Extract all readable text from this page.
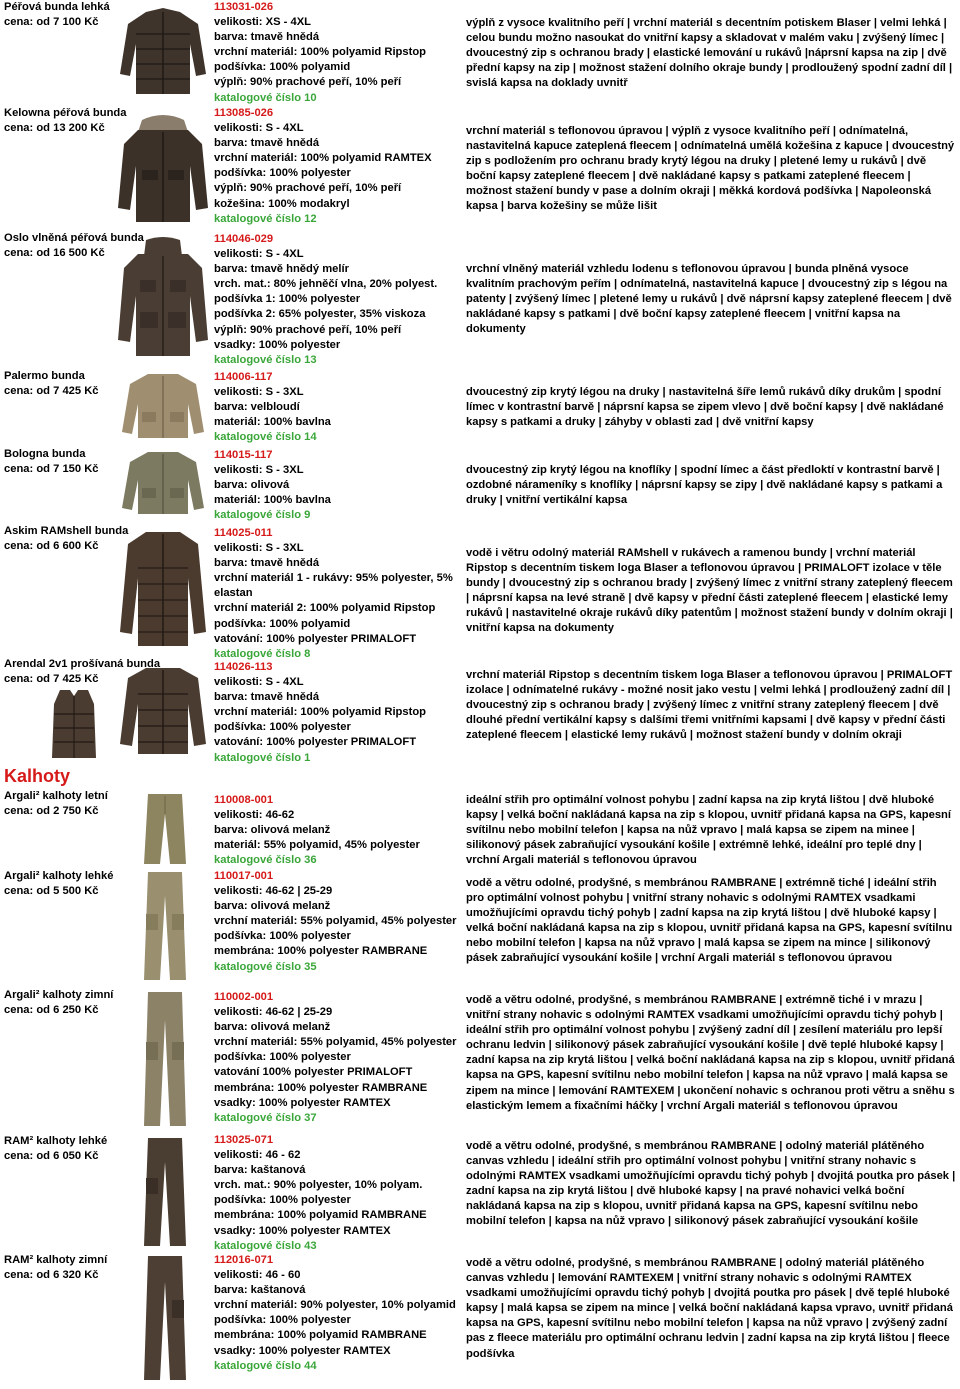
Péřová bunda lehká
cena: od 7 100 Kč
113031-026
velikosti: XS - 4XL
barva: tmavě hnědá
vrchní materiál: 100% polyamid Ripstop
podšívka: 100% polyamid
výplň: 90% prachové peří, 10% peří
katalogové číslo 10
výplň z vysoce kvalitního peří | vrchní materiál s decentním potiskem Blaser | velmi lehká | celou bundu možno nasoukat do vnitřní kapsy a skladovat v malém vaku | zvýšený límec | dvoucestný zip s ochranou brady | elastické lemování u rukávů |náprsní kapsa na zip | dvě přední kapsy na zip | možnost stažení dolního okraje bundy | prodloužený spodní zadní díl | svislá kapsa na doklady uvnitř
Kelowna péřová bunda
cena: od 13 200 Kč
113085-026
velikosti: S - 4XL
barva: tmavě hnědá
vrchní materiál: 100% polyamid RAMTEX
podšívka: 100% polyester
výplň: 90% prachové peří, 10% peří
kožešina: 100% modakryl
katalogové číslo 12
vrchní materiál s teflonovou úpravou | výplň z vysoce kvalitního peří | odnímatelná, nastavitelná kapuce zateplená fleecem | odnímatelná umělá kožešina z kapuce | dvoucestný zip s podložením pro ochranu brady krytý légou na druky | pletené lemy u rukávů | dvě boční kapsy zateplené fleecem | dvě nakládané kapsy s patkami zateplené fleecem | možnost stažení bundy v pase a dolním okraji | měkká kordová podšívka | Napoleonská kapsa | barva kožešiny se může lišit
Oslo vlněná péřová bunda
cena: od 16 500 Kč
114046-029
velikosti: S - 4XL
barva: tmavě hnědý melír
vrch. mat.: 80% jehněčí vlna, 20% polyest.
podšívka 1: 100% polyester
podšívka 2: 65% polyester, 35% viskoza
výplň: 90% prachové peří, 10% peří
vsadky: 100% polyester
katalogové číslo 13
vrchní vlněný materiál vzhledu lodenu s teflonovou úpravou | bunda plněná vysoce kvalitním prachovým peřím | odnímatelná, nastavitelná kapuce | dvoucestný zip s légou na patenty | zvýšený límec | pletené lemy u rukávů | dvě náprsní kapsy zateplené fleecem | dvě nakládané kapsy s patkami | dvě boční kapsy zateplené fleecem | vnitřní kapsa na dokumenty
Palermo bunda
cena: od 7 425 Kč
114006-117
velikosti: S - 3XL
barva: velbloudí
materiál: 100% bavlna
katalogové číslo 14
dvoucestný zip krytý légou na druky | nastavitelná šíře lemů rukávů díky drukům | spodní límec v kontrastní barvě | náprsní kapsa se zipem vlevo | dvě boční kapsy | dvě nakládané kapsy s patkami a druky | záhyby v oblasti zad | dvě vnitřní kapsy
Bologna bunda
cena: od 7 150 Kč
114015-117
velikosti: S - 3XL
barva: olivová
materiál: 100% bavlna
katalogové číslo 9
dvoucestný zip krytý légou na knoflíky | spodní límec a část předloktí v kontrastní barvě | ozdobné nárameníky s knoflíky | náprsní kapsy se zipy | dvě nakládané kapsy s patkami a druky | vnitřní vertikální kapsa
Askim RAMshell bunda
cena: od 6 600 Kč
114025-011
velikosti: S - 3XL
barva: tmavě hnědá
vrchní materiál 1 - rukávy: 95% polyester, 5% elastan
vrchní materiál 2: 100% polyamid Ripstop
podšívka: 100% polyamid
vatování: 100% polyester PRIMALOFT
katalogové číslo 8
vodě i větru odolný materiál RAMshell v rukávech a ramenou bundy | vrchní materiál Ripstop s decentním tiskem loga Blaser a teflonovou úpravou | PRIMALOFT izolace v těle bundy | dvoucestný zip s ochranou brady | zvýšený límec z vnitřní strany zateplený fleecem | náprsní kapsa na levé straně | dvě kapsy v přední části zateplené fleecem | elastické lemy rukávů | nastavitelné okraje rukávů díky patentům | možnost stažení bundy v dolním okraji | vnitřní kapsa na dokumenty
Arendal 2v1 prošívaná bunda
cena: od 7 425 Kč
114026-113
velikosti: S - 4XL
barva: tmavě hnědá
vrchní materiál: 100% polyamid Ripstop
podšívka: 100% polyester
vatování: 100% polyester PRIMALOFT
katalogové číslo 1
vrchní materiál Ripstop s decentním tiskem loga Blaser a teflonovou úpravou | PRIMALOFT izolace | odnímatelné rukávy - možné nosit jako vestu | velmi lehká | prodloužený zadní díl | dvoucestný zip s ochranou brady | zvýšený límec z vnitřní strany zateplený fleecem | dvě dlouhé přední vertikální kapsy s dalšími třemi vnitřními kapsami | dvě kapsy v přední části zateplené fleecem | elastické lemy rukávů | možnost stažení bundy v dolním okraji
Kalhoty
Argali² kalhoty letní
cena: od 2 750 Kč
110008-001
velikosti: 46-62
barva: olivová melanž
materiál: 55% polyamid, 45% polyester
katalogové číslo 36
ideální střih pro optimální volnost pohybu | zadní kapsa na zip krytá lištou | dvě hluboké kapsy | velká boční nakládaná kapsa na zip s klopou, uvnitř přidaná kapsa na GPS, kapesní svítilnu nebo mobilní telefon | kapsa na nůž vpravo | malá kapsa se zipem na minee | silikonový pásek zabraňující vysoukání košile | extrémně lehké, ideální pro teplé dny | vrchní Argali materiál s teflonovou úpravou
Argali² kalhoty lehké
cena: od 5 500 Kč
110017-001
velikosti: 46-62 | 25-29
barva: olivová melanž
vrchní materiál: 55% polyamid, 45% polyester
podšívka: 100% polyester
membrána: 100% polyester RAMBRANE
katalogové číslo 35
vodě a větru odolné, prodyšné, s membránou RAMBRANE | extrémně tiché | ideální střih pro optimální volnost pohybu | vnitřní strany nohavic s odolnými RAMTEX vsadkami umožňujícími opravdu tichý pohyb | zadní kapsa na zip krytá lištou | dvě hluboké kapsy | velká boční nakládaná kapsa na zip s klopou, uvnitř přidaná kapsa na GPS, kapesní svítilnu nebo mobilní telefon | kapsa na nůž vpravo | malá kapsa se zipem na mince | silikonový pásek zabraňující vysoukání košile | vrchní Argali materiál s teflonovou úpravou
Argali² kalhoty zimní
cena: od 6 250 Kč
110002-001
velikosti: 46-62 | 25-29
barva: olivová melanž
vrchní materiál: 55% polyamid, 45% polyester
podšívka: 100% polyester
vatování 100% polyester PRIMALOFT
membrána: 100% polyester RAMBRANE
vsadky: 100% polyester RAMTEX
katalogové číslo 37
vodě a větru odolné, prodyšné, s membránou RAMBRANE | extrémně tiché i v mrazu | vnitřní strany nohavic s odolnými RAMTEX vsadkami umožňujícími opravdu tichý pohyb | ideální střih pro optimální volnost pohybu | zvýšený zadní díl | zesílení materiálu pro lepší ochranu ledvin | silikonový pásek zabraňující vysoukání košile | dvě teplé hluboké kapsy | zadní kapsa na zip krytá lištou | velká boční nakládaná kapsa na zip s klopou, uvnitř přidaná kapsa na GPS, kapesní svítilnu nebo mobilní telefon | kapsa na nůž vpravo | malá kapsa se zipem na mince | lemování RAMTEXEM | ukončení nohavic s ochranou proti větru a sněhu s elastickým lemem a fixačními háčky | vrchní Argali materiál s teflonovou úpravou
RAM² kalhoty lehké
cena: od 6 050 Kč
113025-071
velikosti: 46 - 62
barva: kaštanová
vrch. mat.: 90% polyester, 10% polyam.
podšívka: 100% polyester
membrána: 100% polyamid RAMBRANE
vsadky: 100% polyester RAMTEX
katalogové číslo 43
vodě a větru odolné, prodyšné, s membránou RAMBRANE | odolný materiál plátěného canvas vzhledu | ideální střih pro optimální volnost pohybu | vnitřní strany nohavic s odolnými RAMTEX vsadkami umožňujícími opravdu tichý pohyb | dvojitá poutka pro pásek | zadní kapsa na zip krytá lištou | dvě hluboké kapsy | na pravé nohavici velká boční nakládaná kapsa na zip s klopou, uvnitř přidaná kapsa na GPS, kapesní svítilnu nebo mobilní telefon | kapsa na nůž vpravo | silikonový pásek zabraňující vysoukání košile
RAM² kalhoty zimní
cena: od 6 320 Kč
112016-071
velikosti: 46 - 60
barva: kaštanová
vrchní materiál: 90% polyester, 10% polyamid
podšívka: 100% polyester
membrána: 100% polyamid RAMBRANE
vsadky: 100% polyester RAMTEX
katalogové číslo 44
vodě a větru odolné, prodyšné, s membránou RAMBRANE | odolný materiál plátěného canvas vzhledu | lemování RAMTEXEM | vnitřní strany nohavic s odolnými RAMTEX vsadkami umožňujícími opravdu tichý pohyb | dvojitá poutka pro pásek | dvě teplé hluboké kapsy | malá kapsa se zipem na mince | velká boční nakládaná kapsa vpravo, uvnitř přidaná kapsa na GPS, kapesní svítilnu nebo mobilní telefon | kapsa na nůž vpravo | zvýšený zadní pas z fleece materiálu pro optimální ochranu ledvin | zadní kapsa na zip krytá lištou | fleece podšívka
